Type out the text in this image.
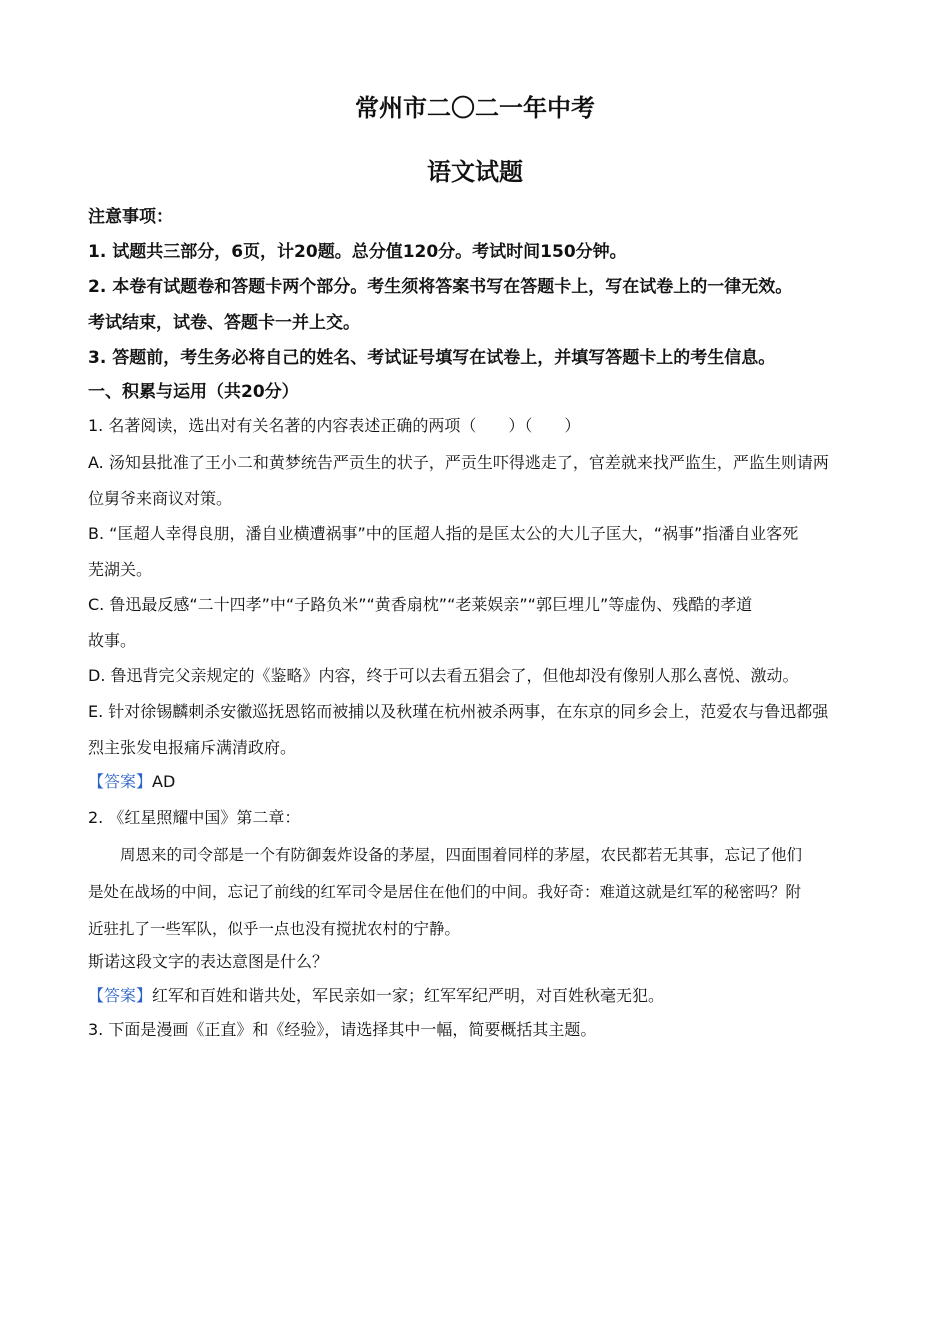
常州市二〇二一年中考
语文试题
注意事项：
1. 试题共三部分，6页，计20题。总分值120分。考试时间150分钟。
2. 本卷有试题卷和答题卡两个部分。考生须将答案书写在答题卡上，写在试卷上的一律无效。
考试结束，试卷、答题卡一并上交。
3. 答题前，考生务必将自己的姓名、考试证号填写在试卷上，并填写答题卡上的考生信息。
一、积累与运用（共20分）
1. 名著阅读，选出对有关名著的内容表述正确的两项（　　）（　　）
A. 汤知县批准了王小二和黄梦统告严贡生的状子，严贡生吓得逃走了，官差就来找严监生，严监生则请两
位舅爷来商议对策。
B. “匡超人幸得良朋，潘自业横遭祸事”中的匡超人指的是匡太公的大儿子匡大，“祸事”指潘自业客死
芜湖关。
C. 鲁迅最反感“二十四孝”中“子路负米”“黄香扇枕”“老莱娱亲”“郭巨埋儿”等虚伪、残酷的孝道
故事。
D. 鲁迅背完父亲规定的《鉴略》内容，终于可以去看五猖会了，但他却没有像别人那么喜悦、激动。
E. 针对徐锡麟刺杀安徽巡抚恩铭而被捕以及秋瑾在杭州被杀两事，在东京的同乡会上，范爱农与鲁迅都强
烈主张发电报痛斥满清政府。
【答案】AD
2. 《红星照耀中国》第二章：
周恩来的司令部是一个有防御轰炸设备的茅屋，四面围着同样的茅屋，农民都若无其事，忘记了他们
是处在战场的中间，忘记了前线的红军司令是居住在他们的中间。我好奇：难道这就是红军的秘密吗？附
近驻扎了一些军队，似乎一点也没有搅扰农村的宁静。
斯诺这段文字的表达意图是什么？
【答案】红军和百姓和谐共处，军民亲如一家；红军军纪严明，对百姓秋毫无犯。
3. 下面是漫画《正直》和《经验》，请选择其中一幅，简要概括其主题。
